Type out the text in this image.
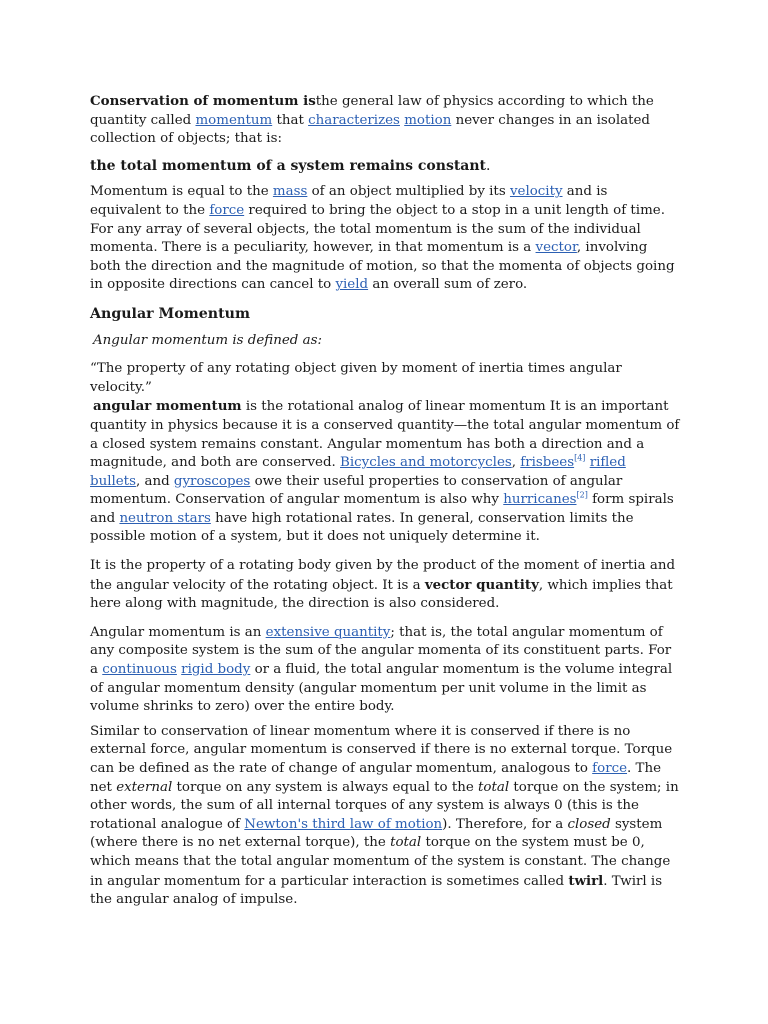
Conservation of momentum isthe general law of physics according to which the quantity called momentum that characterizes motion never changes in an isolated collection of objects; that is:

the total momentum of a system remains constant.

Momentum is equal to the mass of an object multiplied by its velocity and is equivalent to the force required to bring the object to a stop in a unit length of time. For any array of several objects, the total momentum is the sum of the individual momenta. There is a peculiarity, however, in that momentum is a vector, involving both the direction and the magnitude of motion, so that the momenta of objects going in opposite directions can cancel to yield an overall sum of zero.

Angular Momentum

Angular momentum is defined as:

“The property of any rotating object given by moment of inertia times angular velocity.”
angular momentum is the rotational analog of linear momentum It is an important quantity in physics because it is a conserved quantity—the total angular momentum of a closed system remains constant. Angular momentum has both a direction and a magnitude, and both are conserved. Bicycles and motorcycles, frisbees[4] rifled bullets, and gyroscopes owe their useful properties to conservation of angular momentum. Conservation of angular momentum is also why hurricanes[2] form spirals and neutron stars have high rotational rates. In general, conservation limits the possible motion of a system, but it does not uniquely determine it.

It is the property of a rotating body given by the product of the moment of inertia and the angular velocity of the rotating object. It is a vector quantity, which implies that here along with magnitude, the direction is also considered.

Angular momentum is an extensive quantity; that is, the total angular momentum of any composite system is the sum of the angular momenta of its constituent parts. For a continuous rigid body or a fluid, the total angular momentum is the volume integral of angular momentum density (angular momentum per unit volume in the limit as volume shrinks to zero) over the entire body.

Similar to conservation of linear momentum where it is conserved if there is no external force, angular momentum is conserved if there is no external torque. Torque can be defined as the rate of change of angular momentum, analogous to force. The net external torque on any system is always equal to the total torque on the system; in other words, the sum of all internal torques of any system is always 0 (this is the rotational analogue of Newton's third law of motion). Therefore, for a closed system (where there is no net external torque), the total torque on the system must be 0, which means that the total angular momentum of the system is constant. The change in angular momentum for a particular interaction is sometimes called twirl. Twirl is the angular analog of impulse.
